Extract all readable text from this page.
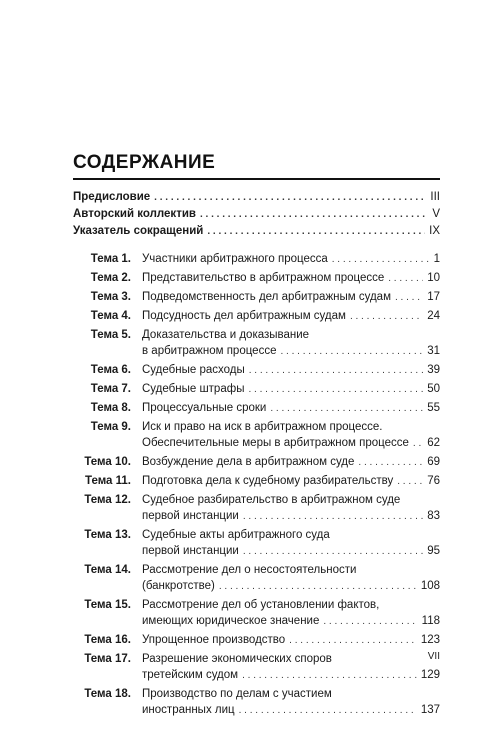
СОДЕРЖАНИЕ
Предисловие . . .	III
Авторский коллектив . . .	V
Указатель сокращений . . .	IX
Тема 1. Участники арбитражного процесса . . .	1
Тема 2. Представительство в арбитражном процессе . . .	10
Тема 3. Подведомственность дел арбитражным судам . . .	17
Тема 4. Подсудность дел арбитражным судам . . .	24
Тема 5. Доказательства и доказывание
в арбитражном процессе . . .	31
Тема 6. Судебные расходы . . .	39
Тема 7. Судебные штрафы . . .	50
Тема 8. Процессуальные сроки . . .	55
Тема 9. Иск и право на иск в арбитражном процессе.
Обеспечительные меры в арбитражном процессе . . . 62
Тема 10. Возбуждение дела в арбитражном суде . . .	69
Тема 11. Подготовка дела к судебному разбирательству . . .	76
Тема 12. Судебное разбирательство в арбитражном суде
первой инстанции . . .	83
Тема 13. Судебные акты арбитражного суда
первой инстанции . . .	95
Тема 14. Рассмотрение дел о несостоятельности
(банкротстве) . . .	108
Тема 15. Рассмотрение дел об установлении фактов,
имеющих юридическое значение . . .	118
Тема 16. Упрощенное производство . . .	123
Тема 17. Разрешение экономических споров
третейским судом . . .	129
Тема 18. Производство по делам с участием
иностранных лиц . . .	137
VII
